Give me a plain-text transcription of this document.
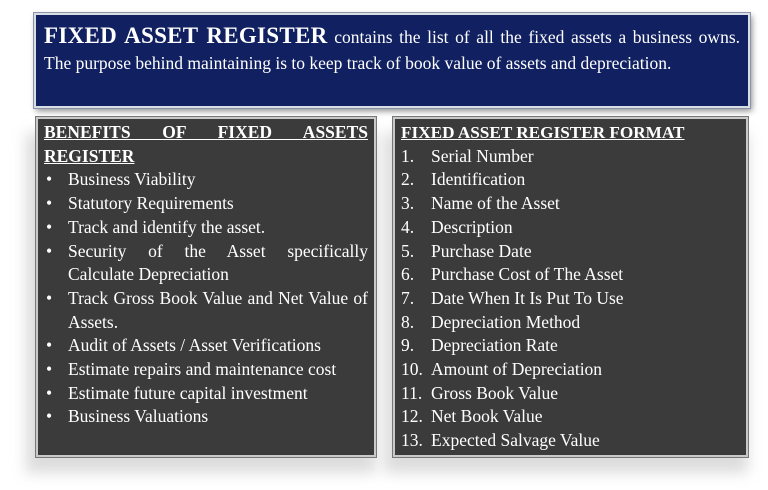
FIXED ASSET REGISTER contains the list of all the fixed assets a business owns. The purpose behind maintaining is to keep track of book value of assets and depreciation.
BENEFITS OF FIXED ASSETS REGISTER
• Business Viability
• Statutory Requirements
• Track and identify the asset.
• Security of the Asset specifically Calculate Depreciation
• Track Gross Book Value and Net Value of Assets.
• Audit of Assets / Asset Verifications
• Estimate repairs and maintenance cost
• Estimate future capital investment
• Business Valuations
FIXED ASSET REGISTER FORMAT
1. Serial Number
2. Identification
3. Name of the Asset
4. Description
5. Purchase Date
6. Purchase Cost of The Asset
7. Date When It Is Put To Use
8. Depreciation Method
9. Depreciation Rate
10. Amount of Depreciation
11. Gross Book Value
12. Net Book Value
13. Expected Salvage Value
